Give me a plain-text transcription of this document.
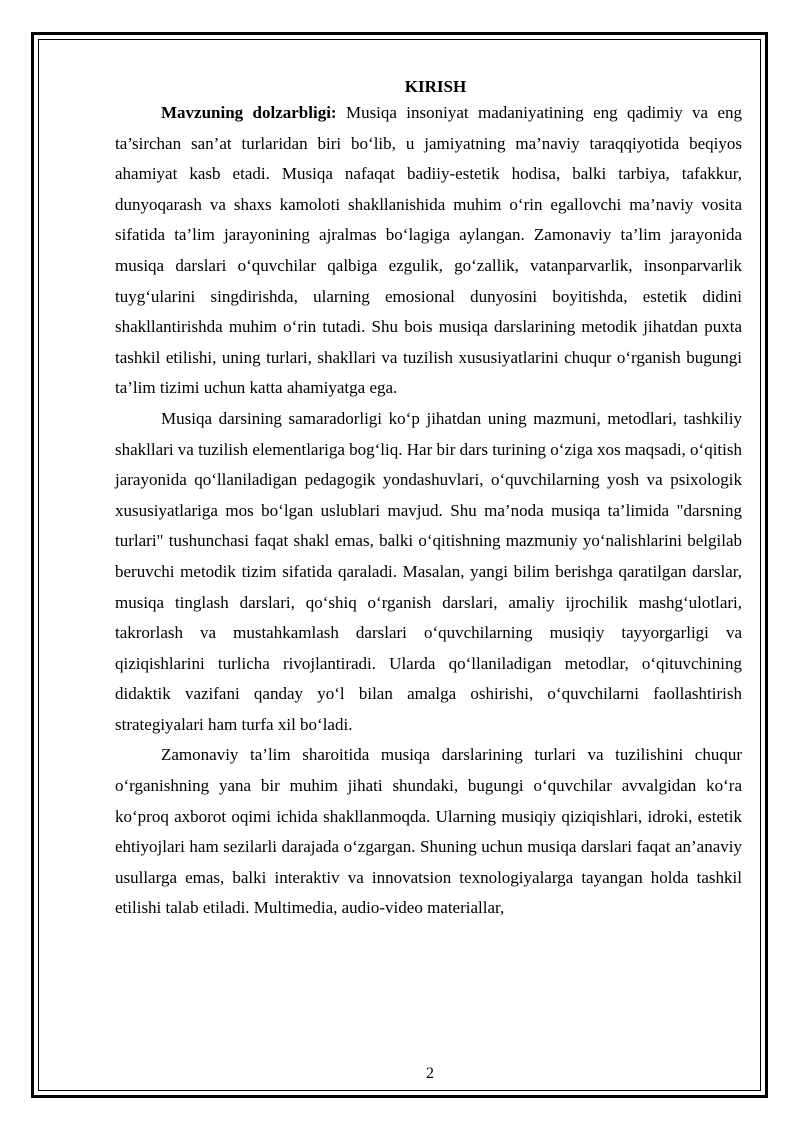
KIRISH

Mavzuning dolzarbligi: Musiqa insoniyat madaniyatining eng qadimiy va eng ta’sirchan san’at turlaridan biri bo‘lib, u jamiyatning ma’naviy taraqqiyotida beqiyos ahamiyat kasb etadi. Musiqa nafaqat badiiy-estetik hodisa, balki tarbiya, tafakkur, dunyoqarash va shaxs kamoloti shakllanishida muhim o‘rin egallovchi ma’naviy vosita sifatida ta’lim jarayonining ajralmas bo‘lagiga aylangan. Zamonaviy ta’lim jarayonida musiqa darslari o‘quvchilar qalbiga ezgulik, go‘zallik, vatanparvarlik, insonparvarlik tuyg‘ularini singdirishda, ularning emosional dunyosini boyitishda, estetik didini shakllantirishda muhim o‘rin tutadi. Shu bois musiqa darslarining metodik jihatdan puxta tashkil etilishi, uning turlari, shakllari va tuzilish xususiyatlarini chuqur o‘rganish bugungi ta’lim tizimi uchun katta ahamiyatga ega.

Musiqa darsining samaradorligi ko‘p jihatdan uning mazmuni, metodlari, tashkiliy shakllari va tuzilish elementlariga bog‘liq. Har bir dars turining o‘ziga xos maqsadi, o‘qitish jarayonida qo‘llaniladigan pedagogik yondashuvlari, o‘quvchilarning yosh va psixologik xususiyatlariga mos bo‘lgan uslublari mavjud. Shu ma’noda musiqa ta’limida "darsning turlari" tushunchasi faqat shakl emas, balki o‘qitishning mazmuniy yo‘nalishlarini belgilab beruvchi metodik tizim sifatida qaraladi. Masalan, yangi bilim berishga qaratilgan darslar, musiqa tinglash darslari, qo‘shiq o‘rganish darslari, amaliy ijrochilik mashg‘ulotlari, takrorlash va mustahkamlash darslari o‘quvchilarning musiqiy tayyorgarligi va qiziqishlarini turlicha rivojlantiradi. Ularda qo‘llaniladigan metodlar, o‘qituvchining didaktik vazifani qanday yo‘l bilan amalga oshirishi, o‘quvchilarni faollashtirish strategiyalari ham turfa xil bo‘ladi.

Zamonaviy ta’lim sharoitida musiqa darslarining turlari va tuzilishini chuqur o‘rganishning yana bir muhim jihati shundaki, bugungi o‘quvchilar avvalgidan ko‘ra ko‘proq axborot oqimi ichida shakllanmoqda. Ularning musiqiy qiziqishlari, idroki, estetik ehtiyojlari ham sezilarli darajada o‘zgargan. Shuning uchun musiqa darslari faqat an’anaviy usullarga emas, balki interaktiv va innovatsion texnologiyalarga tayangan holda tashkil etilishi talab etiladi. Multimedia, audio-video materiallar,

2
